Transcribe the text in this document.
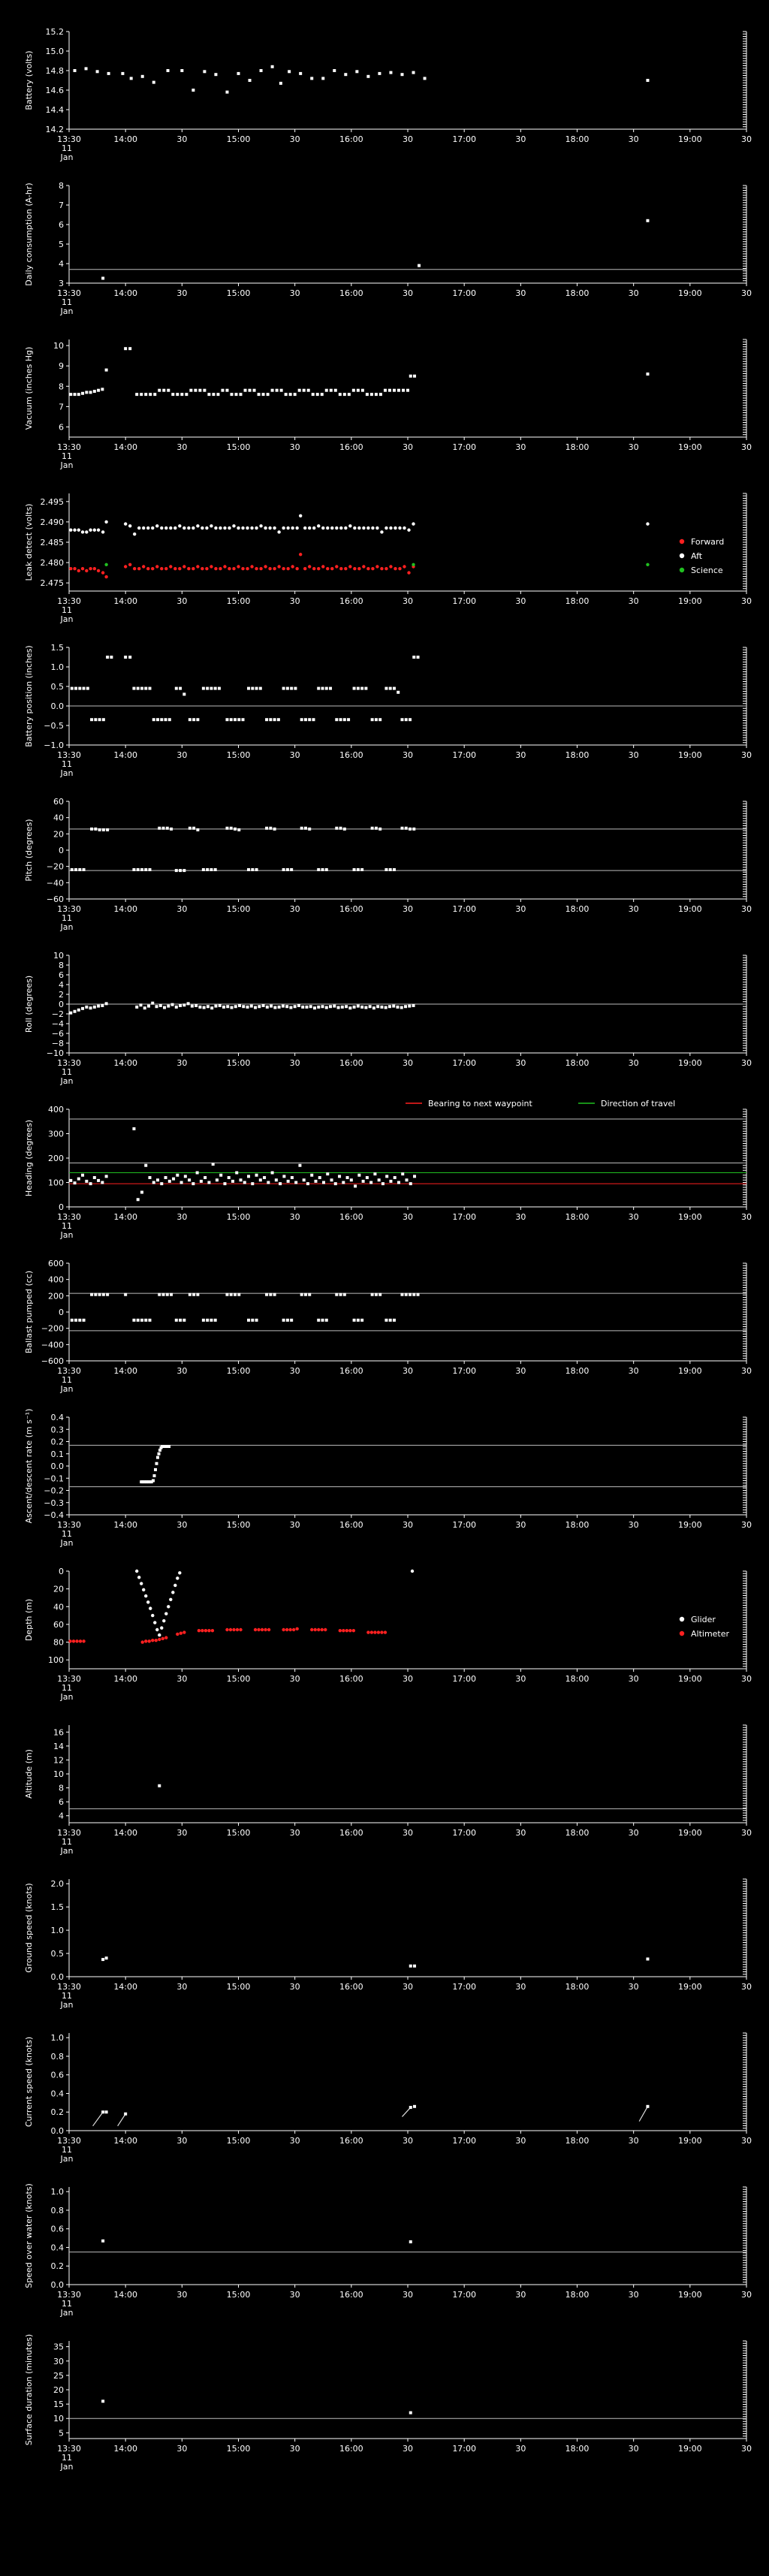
15.2
15.0
14.8
14.6
14.4
14.2
Battery (volts)
13:30	14:00	30	15:00	30	16:00	30	17:00	30	18:00	30	19:00	30
11
Jan
8
7
6
5
4
3
Daily consumption (A-hr)
13:30	14:00	30	15:00	30	16:00	30	17:00	30	18:00	30	19:00	30
11
Jan
10
9
8
7
6
Vacuum (inches Hg)
13:30	14:00	30	15:00	30	16:00	30	17:00	30	18:00	30	19:00	30
11
Jan
2.495
2.490
2.485
2.480
2.475
Leak detect (volts)
13:30	14:00	30	15:00	30	16:00	30	17:00	30	18:00	30	19:00	30
11
Jan
Forward
Aft
Science
1.5
1.0
0.5
0.0
−0.5
−1.0
Battery position (inches)
13:30	14:00	30	15:00	30	16:00	30	17:00	30	18:00	30	19:00	30
11
Jan
60
40
20
0
−20
−40
−60
Pitch (degrees)
13:30	14:00	30	15:00	30	16:00	30	17:00	30	18:00	30	19:00	30
11
Jan
10
8
6
4
2
0
−2
−4
−6
−8
−10
Roll (degrees)
13:30	14:00	30	15:00	30	16:00	30	17:00	30	18:00	30	19:00	30
11
Jan
400
300
200
100
0
Heading (degrees)
13:30	14:00	30	15:00	30	16:00	30	17:00	30	18:00	30	19:00	30
11
Jan
Bearing to next waypoint	Direction of travel
600
400
200
0
−200
−400
−600
Ballast pumped (cc)
13:30	14:00	30	15:00	30	16:00	30	17:00	30	18:00	30	19:00	30
11
Jan
0.4
0.3
0.2
0.1
0.0
−0.1
−0.2
−0.3
−0.4
Ascent/descent rate (m s⁻¹)
13:30	14:00	30	15:00	30	16:00	30	17:00	30	18:00	30	19:00	30
11
Jan
0
20
40
60
80
100
Depth (m)
13:30	14:00	30	15:00	30	16:00	30	17:00	30	18:00	30	19:00	30
11
Jan
Glider
Altimeter
16
14
12
10
8
6
4
Altitude (m)
13:30	14:00	30	15:00	30	16:00	30	17:00	30	18:00	30	19:00	30
11
Jan
2.0
1.5
1.0
0.5
0.0
Ground speed (knots)
13:30	14:00	30	15:00	30	16:00	30	17:00	30	18:00	30	19:00	30
11
Jan
1.0
0.8
0.6
0.4
0.2
0.0
Current speed (knots)
13:30	14:00	30	15:00	30	16:00	30	17:00	30	18:00	30	19:00	30
11
Jan
1.0
0.8
0.6
0.4
0.2
0.0
Speed over water (knots)
13:30	14:00	30	15:00	30	16:00	30	17:00	30	18:00	30	19:00	30
11
Jan
35
30
25
20
15
10
5
Surface duration (minutes)
13:30	14:00	30	15:00	30	16:00	30	17:00	30	18:00	30	19:00	30
11
Jan
